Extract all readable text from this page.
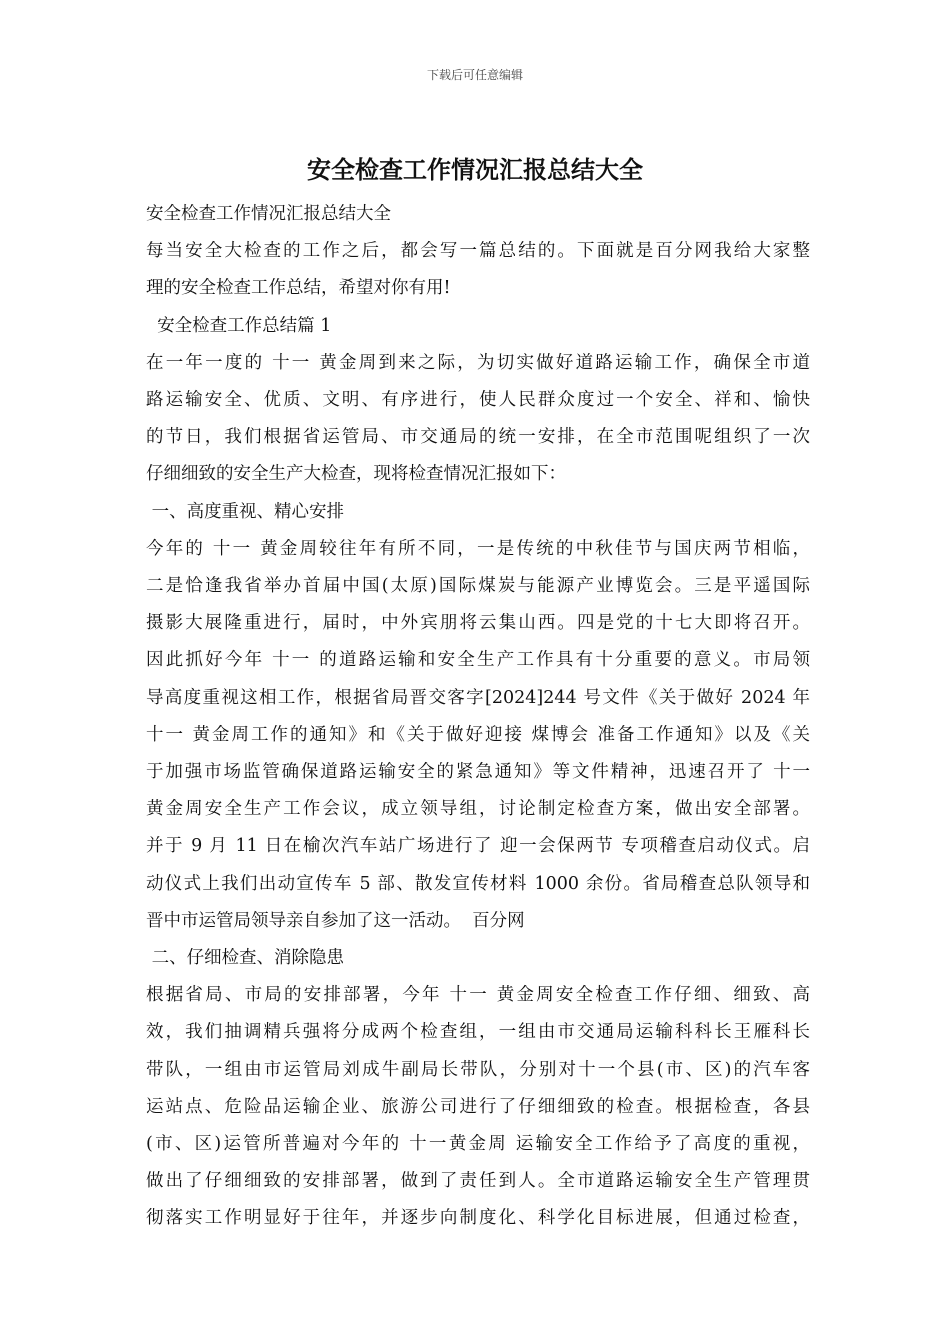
下载后可任意编辑
安全检查工作情况汇报总结大全

安全检查工作情况汇报总结大全

每当安全大检查的工作之后，都会写一篇总结的。下面就是百分网我给大家整

理的安全检查工作总结，希望对你有用!

安全检查工作总结篇 1

在一年一度的 十一 黄金周到来之际，为切实做好道路运输工作，确保全市道

路运输安全、优质、文明、有序进行，使人民群众度过一个安全、祥和、愉快

的节日，我们根据省运管局、市交通局的统一安排，在全市范围呢组织了一次

仔细细致的安全生产大检查，现将检查情况汇报如下：

一、高度重视、精心安排

今年的 十一 黄金周较往年有所不同，一是传统的中秋佳节与国庆两节相临，

二是恰逢我省举办首届中国(太原)国际煤炭与能源产业博览会。三是平遥国际

摄影大展隆重进行，届时，中外宾朋将云集山西。四是党的十七大即将召开。

因此抓好今年 十一 的道路运输和安全生产工作具有十分重要的意义。市局领

导高度重视这相工作，根据省局晋交客字[2024]244 号文件《关于做好 2024 年

十一 黄金周工作的通知》和《关于做好迎接 煤博会 准备工作通知》以及《关

于加强市场监管确保道路运输安全的紧急通知》等文件精神，迅速召开了 十一

黄金周安全生产工作会议，成立领导组，讨论制定检查方案，做出安全部署。

并于 9 月 11 日在榆次汽车站广场进行了 迎一会保两节 专项稽查启动仪式。启

动仪式上我们出动宣传车 5 部、散发宣传材料 1000 余份。省局稽查总队领导和

晋中市运管局领导亲自参加了这一活动。  百分网

二、仔细检查、消除隐患

根据省局、市局的安排部署，今年 十一 黄金周安全检查工作仔细、细致、高

效，我们抽调精兵强将分成两个检查组，一组由市交通局运输科科长王雁科长

带队，一组由市运管局刘成牛副局长带队，分别对十一个县(市、区)的汽车客

运站点、危险品运输企业、旅游公司进行了仔细细致的检查。根据检查，各县

(市、区)运管所普遍对今年的 十一黄金周 运输安全工作给予了高度的重视，

做出了仔细细致的安排部署，做到了责任到人。全市道路运输安全生产管理贯

彻落实工作明显好于往年，并逐步向制度化、科学化目标进展，但通过检查，
